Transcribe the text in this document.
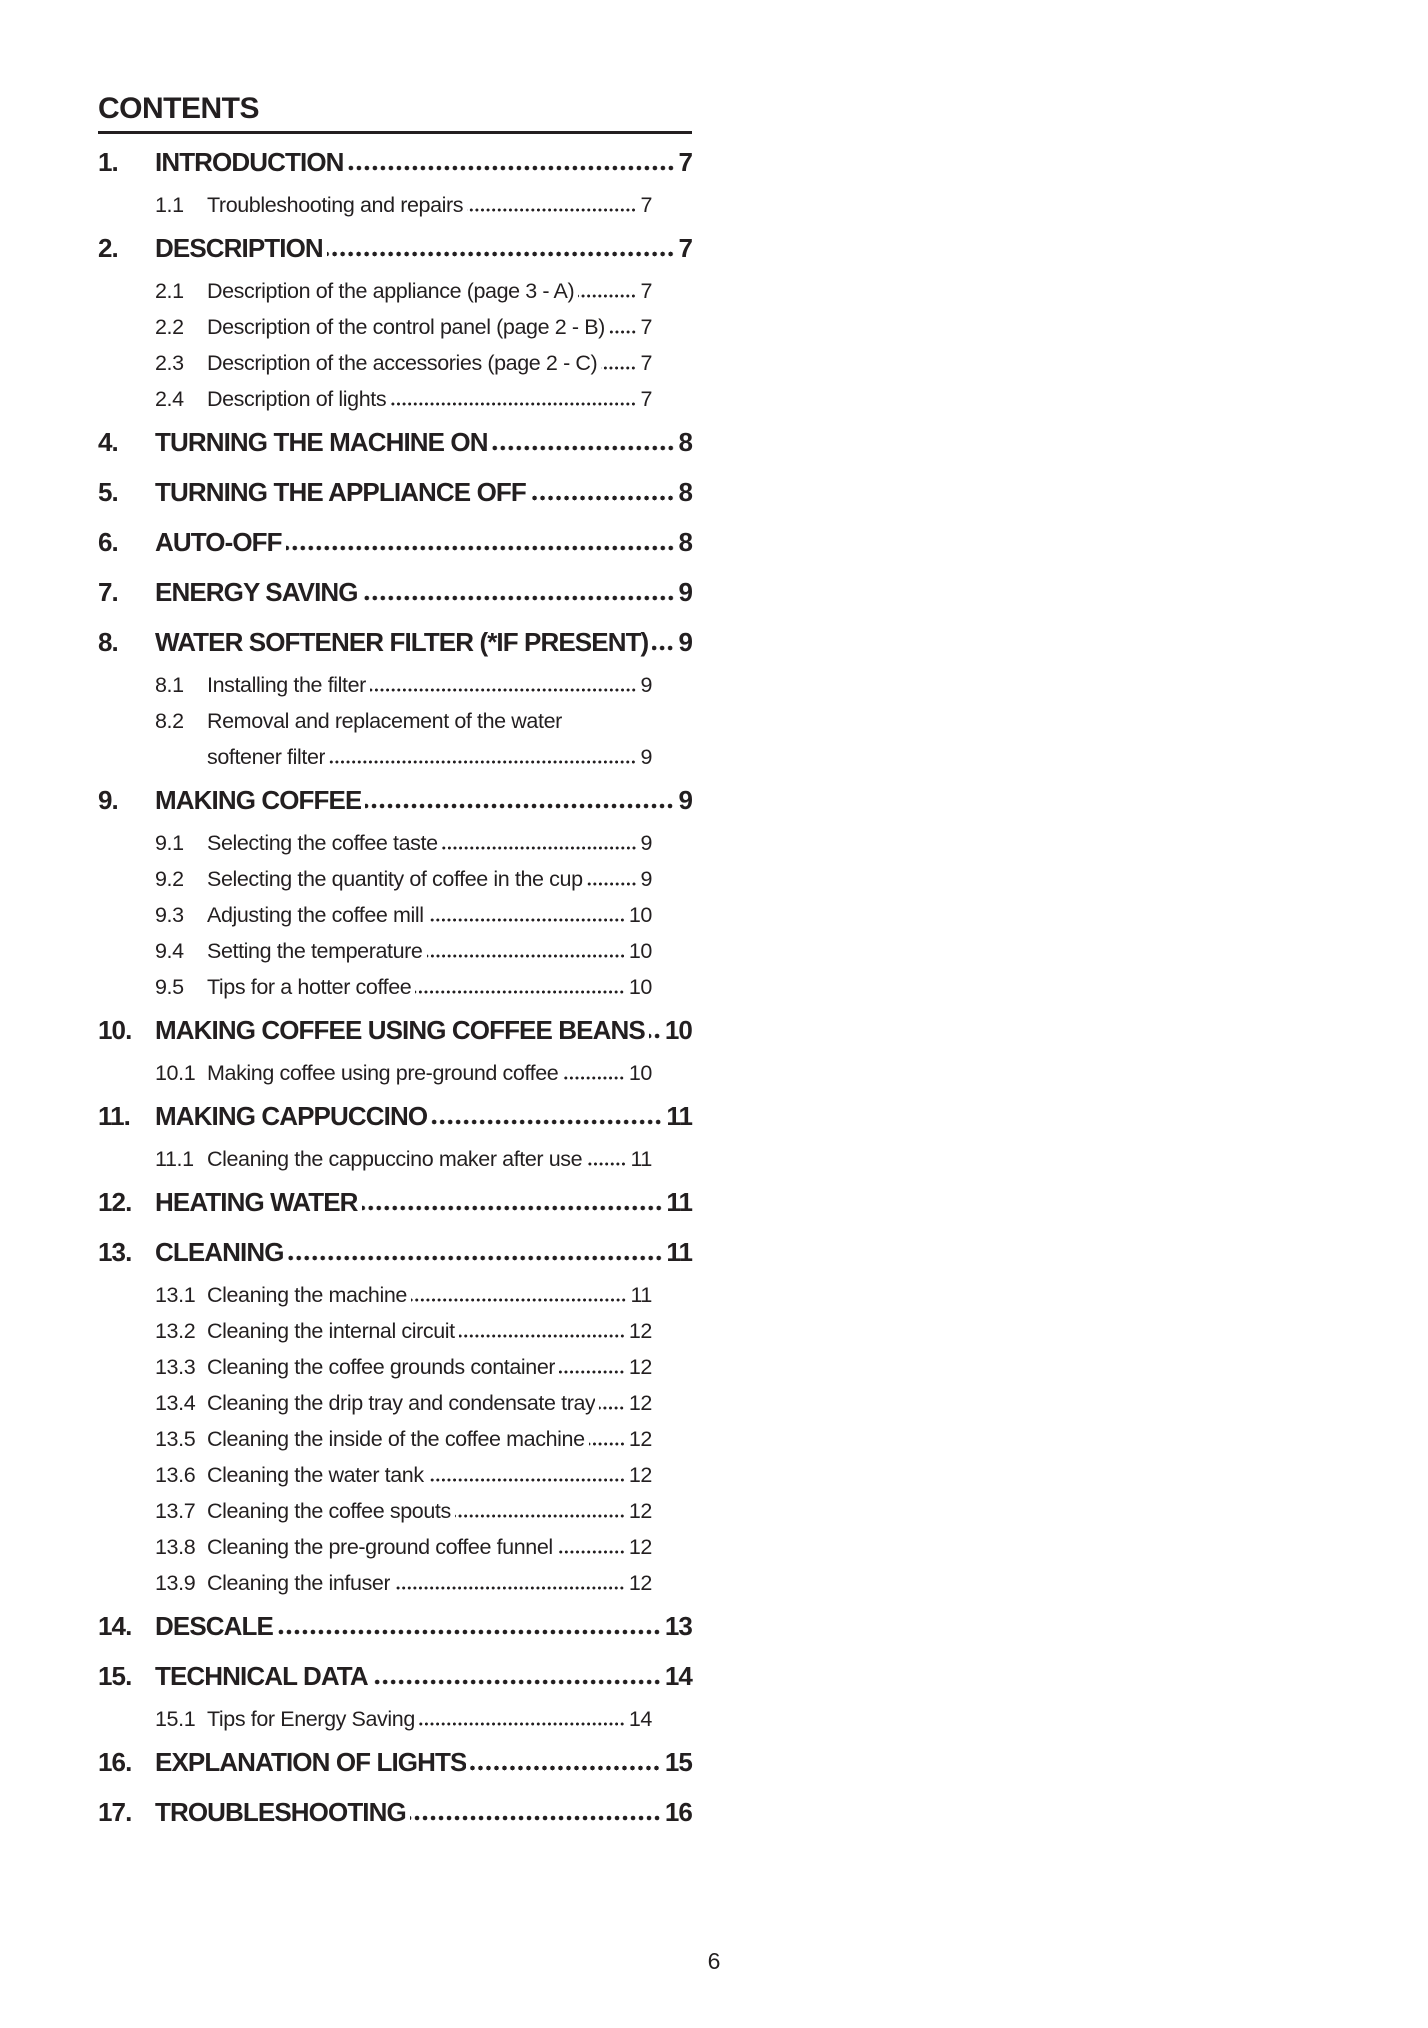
CONTENTS
1.	INTRODUCTION	7
1.1	Troubleshooting and repairs	7
2.	DESCRIPTION	7
2.1	Description of the appliance (page 3 - A)	7
2.2	Description of the control panel (page 2 - B) 7
2.3	Description of the accessories (page 2 - C) 7
2.4	Description of lights	7
4.	TURNING THE MACHINE ON	8
5.	TURNING THE APPLIANCE OFF	8
6.	AUTO-OFF	8
7.	ENERGY SAVING	9
8.	WATER SOFTENER FILTER (*IF PRESENT) 9
8.1	Installing the filter	9
8.2	Removal and replacement of the water
softener filter	9
9.	MAKING COFFEE	9
9.1	Selecting the coffee taste	9
9.2	Selecting the quantity of coffee in the cup	9
9.3	Adjusting the coffee mill	10
9.4	Setting the temperature	10
9.5	Tips for a hotter coffee	10
10. MAKING COFFEE USING COFFEE BEANS 10
10.1 Making coffee using pre-ground coffee	10
11. MAKING CAPPUCCINO	11
11.1 Cleaning the cappuccino maker after use 11
12. HEATING WATER	11
13. CLEANING	11
13.1 Cleaning the machine	11
13.2 Cleaning the internal circuit	12
13.3 Cleaning the coffee grounds container	12
13.4 Cleaning the drip tray and condensate tray 12
13.5 Cleaning the inside of the coffee machine 12
13.6 Cleaning the water tank	12
13.7 Cleaning the coffee spouts	12
13.8 Cleaning the pre-ground coffee funnel	12
13.9 Cleaning the infuser	12
14. DESCALE	13
15. TECHNICAL DATA	14
15.1 Tips for Energy Saving	14
16. EXPLANATION OF LIGHTS	15
17. TROUBLESHOOTING	16
6
